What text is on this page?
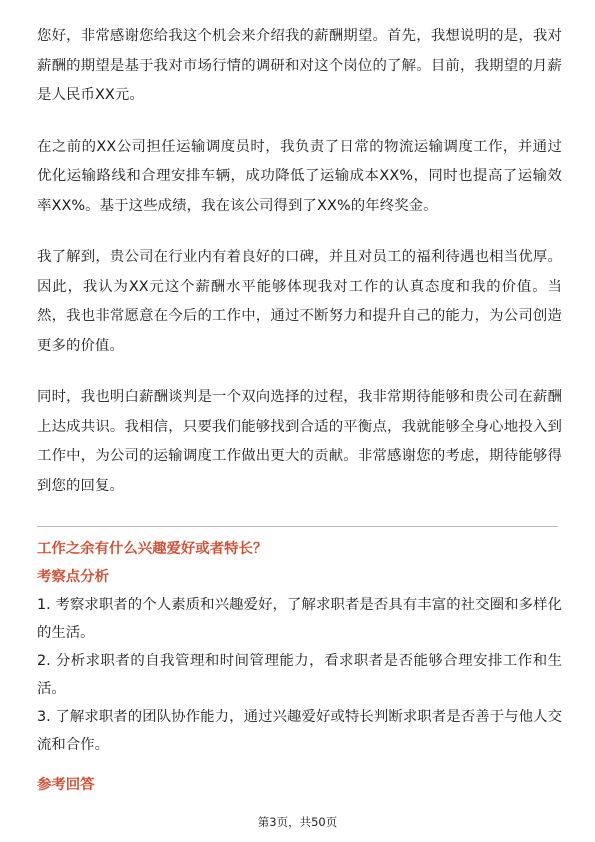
您好，非常感谢您给我这个机会来介绍我的薪酬期望。首先，我想说明的是，我对薪酬的期望是基于我对市场行情的调研和对这个岗位的了解。目前，我期望的月薪是人民币XX元。

在之前的XX公司担任运输调度员时，我负责了日常的物流运输调度工作，并通过优化运输路线和合理安排车辆，成功降低了运输成本XX%，同时也提高了运输效率XX%。基于这些成绩，我在该公司得到了XX%的年终奖金。

我了解到，贵公司在行业内有着良好的口碑，并且对员工的福利待遇也相当优厚。因此，我认为XX元这个薪酬水平能够体现我对工作的认真态度和我的价值。当然，我也非常愿意在今后的工作中，通过不断努力和提升自己的能力，为公司创造更多的价值。

同时，我也明白薪酬谈判是一个双向选择的过程，我非常期待能够和贵公司在薪酬上达成共识。我相信，只要我们能够找到合适的平衡点，我就能够全身心地投入到工作中，为公司的运输调度工作做出更大的贡献。非常感谢您的考虑，期待能够得到您的回复。

工作之余有什么兴趣爱好或者特长？
考察点分析

1. 考察求职者的个人素质和兴趣爱好，了解求职者是否具有丰富的社交圈和多样化的生活。

2. 分析求职者的自我管理和时间管理能力，看求职者是否能够合理安排工作和生活。

3. 了解求职者的团队协作能力，通过兴趣爱好或特长判断求职者是否善于与他人交流和合作。

参考回答
第3页，共50页
